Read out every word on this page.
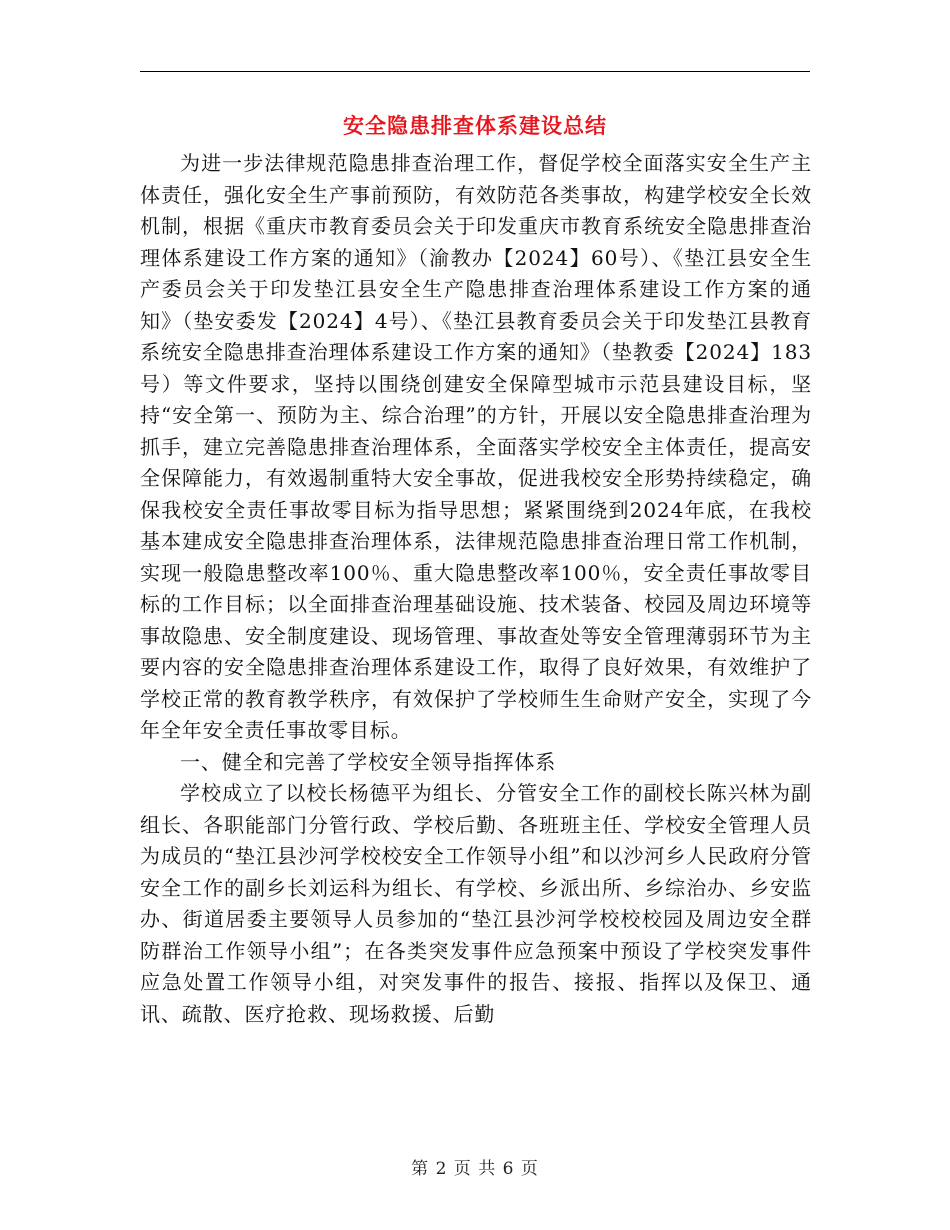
安全隐患排查体系建设总结

为进一步法律规范隐患排查治理工作，督促学校全面落实安全生产主体责任，强化安全生产事前预防，有效防范各类事故，构建学校安全长效机制，根据《重庆市教育委员会关于印发重庆市教育系统安全隐患排查治理体系建设工作方案的通知》（渝教办【2024】60号）、《垫江县安全生产委员会关于印发垫江县安全生产隐患排查治理体系建设工作方案的通知》（垫安委发【2024】4号）、《垫江县教育委员会关于印发垫江县教育系统安全隐患排查治理体系建设工作方案的通知》（垫教委【2024】183号）等文件要求，坚持以围绕创建安全保障型城市示范县建设目标，坚持“安全第一、预防为主、综合治理”的方针，开展以安全隐患排查治理为抓手，建立完善隐患排查治理体系，全面落实学校安全主体责任，提高安全保障能力，有效遏制重特大安全事故，促进我校安全形势持续稳定，确保我校安全责任事故零目标为指导思想；紧紧围绕到2024年底，在我校基本建成安全隐患排查治理体系，法律规范隐患排查治理日常工作机制，实现一般隐患整改率100％、重大隐患整改率100％，安全责任事故零目标的工作目标；以全面排查治理基础设施、技术装备、校园及周边环境等事故隐患、安全制度建设、现场管理、事故查处等安全管理薄弱环节为主要内容的安全隐患排查治理体系建设工作，取得了良好效果，有效维护了学校正常的教育教学秩序，有效保护了学校师生生命财产安全，实现了今年全年安全责任事故零目标。

一、健全和完善了学校安全领导指挥体系

学校成立了以校长杨德平为组长、分管安全工作的副校长陈兴林为副组长、各职能部门分管行政、学校后勤、各班班主任、学校安全管理人员为成员的“垫江县沙河学校校安全工作领导小组”和以沙河乡人民政府分管安全工作的副乡长刘运科为组长、有学校、乡派出所、乡综治办、乡安监办、街道居委主要领导人员参加的“垫江县沙河学校校校园及周边安全群防群治工作领导小组”；在各类突发事件应急预案中预设了学校突发事件应急处置工作领导小组，对突发事件的报告、接报、指挥以及保卫、通讯、疏散、医疗抢救、现场救援、后勤

第 2 页 共 6 页
